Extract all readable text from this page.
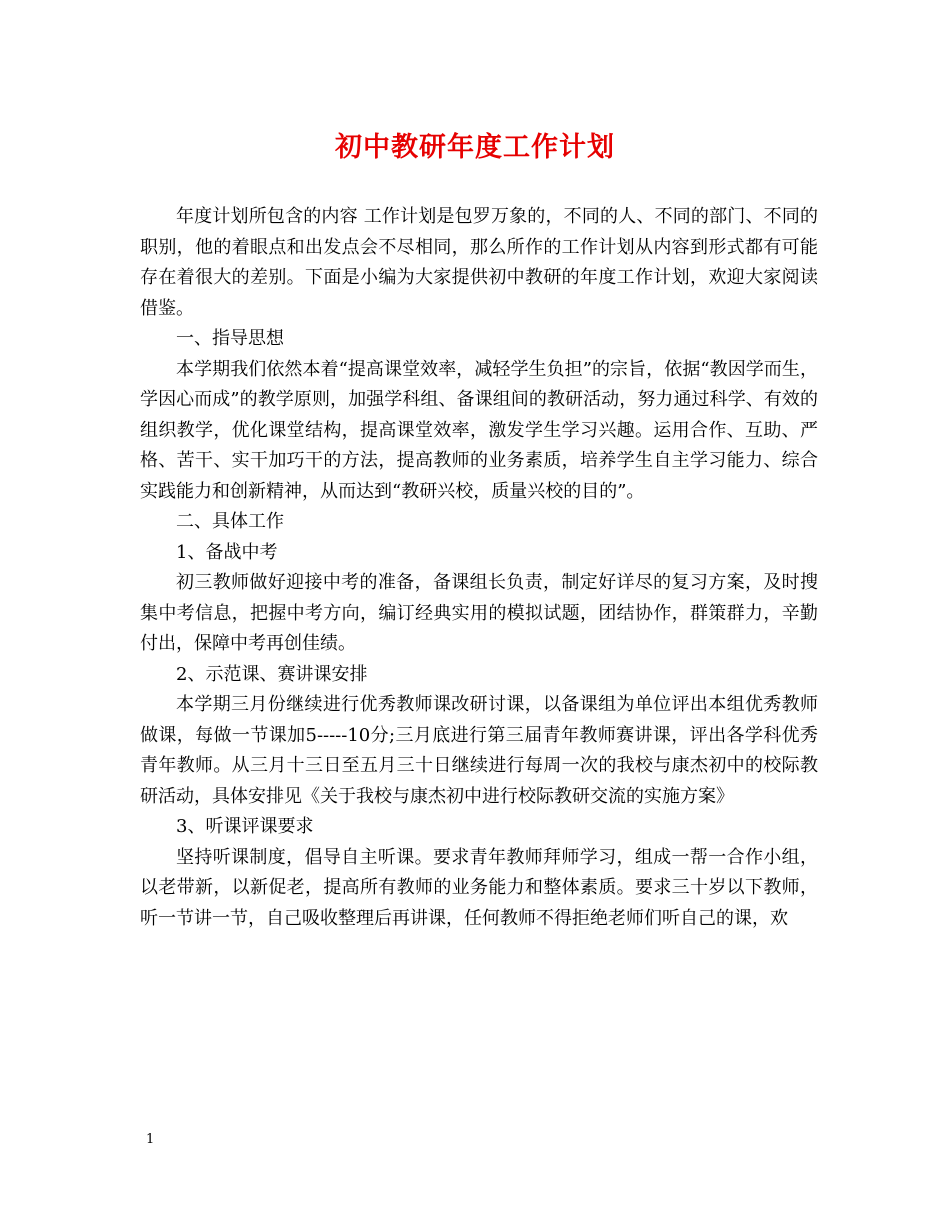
初中教研年度工作计划

年度计划所包含的内容 工作计划是包罗万象的，不同的人、不同的部门、不同的职别，他的着眼点和出发点会不尽相同，那么所作的工作计划从内容到形式都有可能存在着很大的差别。下面是小编为大家提供初中教研的年度工作计划，欢迎大家阅读借鉴。

一、指导思想

本学期我们依然本着“提高课堂效率，减轻学生负担”的宗旨，依据“教因学而生，学因心而成”的教学原则，加强学科组、备课组间的教研活动，努力通过科学、有效的组织教学，优化课堂结构，提高课堂效率，激发学生学习兴趣。运用合作、互助、严格、苦干、实干加巧干的方法，提高教师的业务素质，培养学生自主学习能力、综合实践能力和创新精神，从而达到“教研兴校，质量兴校的目的”。

二、具体工作

1、备战中考

初三教师做好迎接中考的准备，备课组长负责，制定好详尽的复习方案，及时搜集中考信息，把握中考方向，编订经典实用的模拟试题，团结协作，群策群力，辛勤付出，保障中考再创佳绩。

2、示范课、赛讲课安排

本学期三月份继续进行优秀教师课改研讨课，以备课组为单位评出本组优秀教师做课，每做一节课加5-----10分;三月底进行第三届青年教师赛讲课，评出各学科优秀青年教师。从三月十三日至五月三十日继续进行每周一次的我校与康杰初中的校际教研活动，具体安排见《关于我校与康杰初中进行校际教研交流的实施方案》

3、听课评课要求

坚持听课制度，倡导自主听课。要求青年教师拜师学习，组成一帮一合作小组，以老带新，以新促老，提高所有教师的业务能力和整体素质。要求三十岁以下教师，听一节讲一节，自己吸收整理后再讲课，任何教师不得拒绝老师们听自己的课，欢

1
